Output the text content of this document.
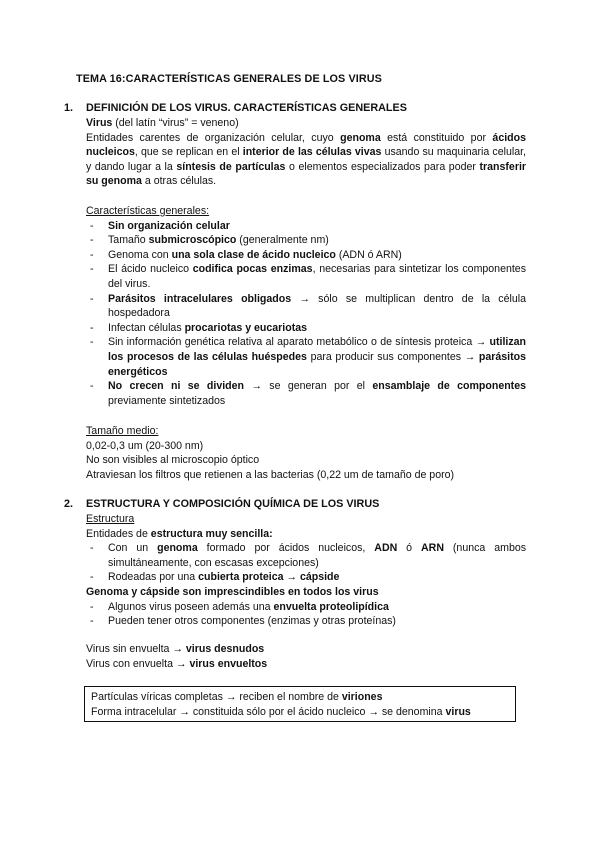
TEMA 16:CARACTERÍSTICAS GENERALES DE LOS VIRUS
1. DEFINICIÓN DE LOS VIRUS. CARACTERÍSTICAS GENERALES

Virus (del latín “virus” = veneno)

Entidades carentes de organización celular, cuyo genoma está constituido por ácidos nucleicos, que se replican en el interior de las células vivas usando su maquinaria celular, y dando lugar a la síntesis de partículas o elementos especializados para poder transferir su genoma a otras células.

Características generales:

- Sin organización celular
- Tamaño submicroscópico (generalmente nm)
- Genoma con una sola clase de ácido nucleico (ADN ó ARN)
- El ácido nucleico codifica pocas enzimas, necesarias para sintetizar los componentes del virus.
- Parásitos intracelulares obligados → sólo se multiplican dentro de la célula hospedadora
- Infectan células procariotas y eucariotas
- Sin información genética relativa al aparato metabólico o de síntesis proteica → utilizan los procesos de las células huéspedes para producir sus componentes → parásitos energéticos
- No crecen ni se dividen → se generan por el ensamblaje de componentes previamente sintetizados

Tamaño medio:

0,02-0,3 um (20-300 nm)

No son visibles al microscopio óptico

Atraviesan los filtros que retienen a las bacterias (0,22 um de tamaño de poro)

2. ESTRUCTURA Y COMPOSICIÓN QUÍMICA DE LOS VIRUS

Estructura

Entidades de estructura muy sencilla:

- Con un genoma formado por ácidos nucleicos, ADN ó ARN (nunca ambos simultáneamente, con escasas excepciones)
- Rodeadas por una cubierta proteica → cápside

Genoma y cápside son imprescindibles en todos los virus

- Algunos virus poseen además una envuelta proteolipídica
- Pueden tener otros componentes (enzimas y otras proteínas)

Virus sin envuelta → virus desnudos

Virus con envuelta → virus envueltos

Partículas víricas completas → reciben el nombre de viriones

Forma intracelular → constituida sólo por el ácido nucleico → se denomina virus
